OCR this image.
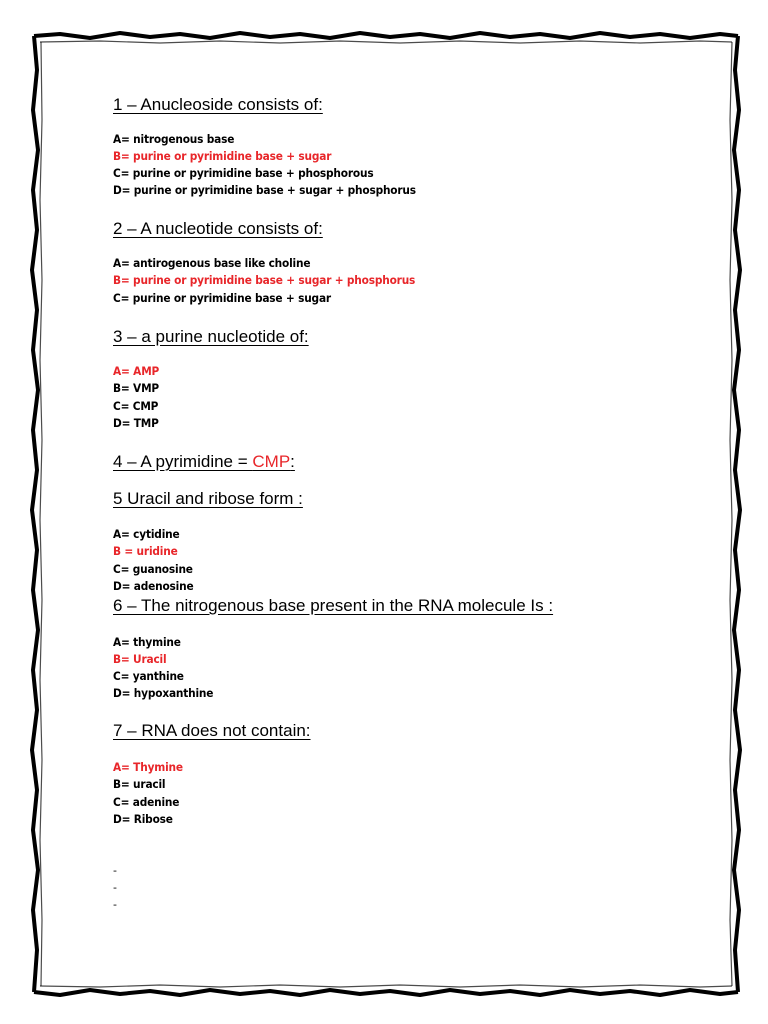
1 – Anucleoside consists of:
A= nitrogenous base
B= purine or pyrimidine base + sugar
C= purine or pyrimidine base + phosphorous
D= purine or pyrimidine base + sugar + phosphorus
2 – A nucleotide consists of:
A= antirogenous base like choline
B= purine or pyrimidine base + sugar + phosphorus
C= purine or pyrimidine base + sugar
3 – a purine nucleotide of:
A= AMP
B= VMP
C= CMP
D= TMP
4 – A pyrimidine = CMP:
5 Uracil and ribose form :
A= cytidine
B = uridine
C= guanosine
D= adenosine
6 – The nitrogenous base present in the RNA molecule Is :
A= thymine
B= Uracil
C= yanthine
D= hypoxanthine
7 – RNA does not contain:
A= Thymine
B= uracil
C= adenine
D= Ribose
-
-
-
